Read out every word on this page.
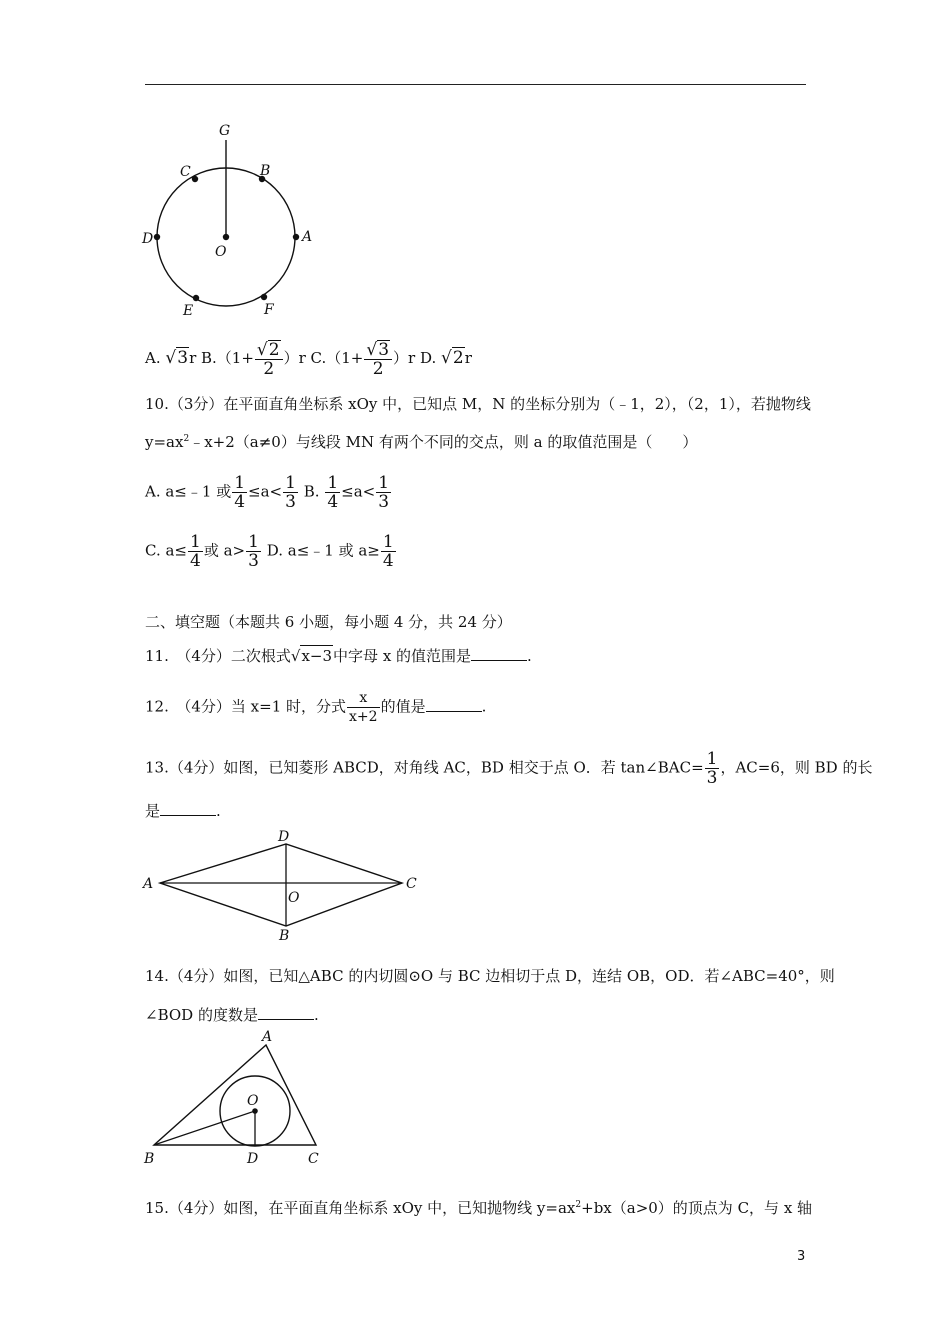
G
C	B
D
O
A
E	F
A. √3r $B.(1+ \frac{√2}{2} )r$ $C.(1+ \frac{√3}{2} )r$ D. √2r
10.（3分）在平面直角坐标系 xOy 中，已知点 M，N 的坐标分别为（﹣1，2），（2，1），若抛物线
$y=ax^2﹣x+2(a\ne 0)$与线段 MN 有两个不同的交点，则 a 的取值范围是（　　）
A. a≤﹣1 或 $\frac{1}{4} \le a< \frac{1}{3} B$. $\frac{1}{4} \le a< \frac{1}{3}$
C. $a\le \frac{1}{4}$ 或 $a> \frac{1}{3} D$. a≤﹣1 或 $a\ge \frac{1}{4}$
二、填空题（本题共 6 小题，每小题 4 分，共 24 分）
11.　（4分）二次根式√x−3中字母 x 的值范围是	.
12.　（4分）当 x=1 时，分式 $\frac{x}{x+2}$ 的值是	.
13.（4分）如图，已知菱形 ABCD，对角线 AC，BD 相交于点 O．若 tan∠BAC= $\frac{1}{3}$ ，AC=6，则 BD 的长
是	.
D
A
O
C
B
14.（4分）如图，已知△ABC 的内切圆⊙O 与 BC 边相切于点 D，连结 OB，OD．若∠ABC=40°，则
∠BOD 的度数是	.
A
O
B	D	C
15.（4分）如图，在平面直角坐标系 xOy 中，已知抛物线 $y=ax^2+bx(a>0)$的顶点为 C，与 x 轴
3
